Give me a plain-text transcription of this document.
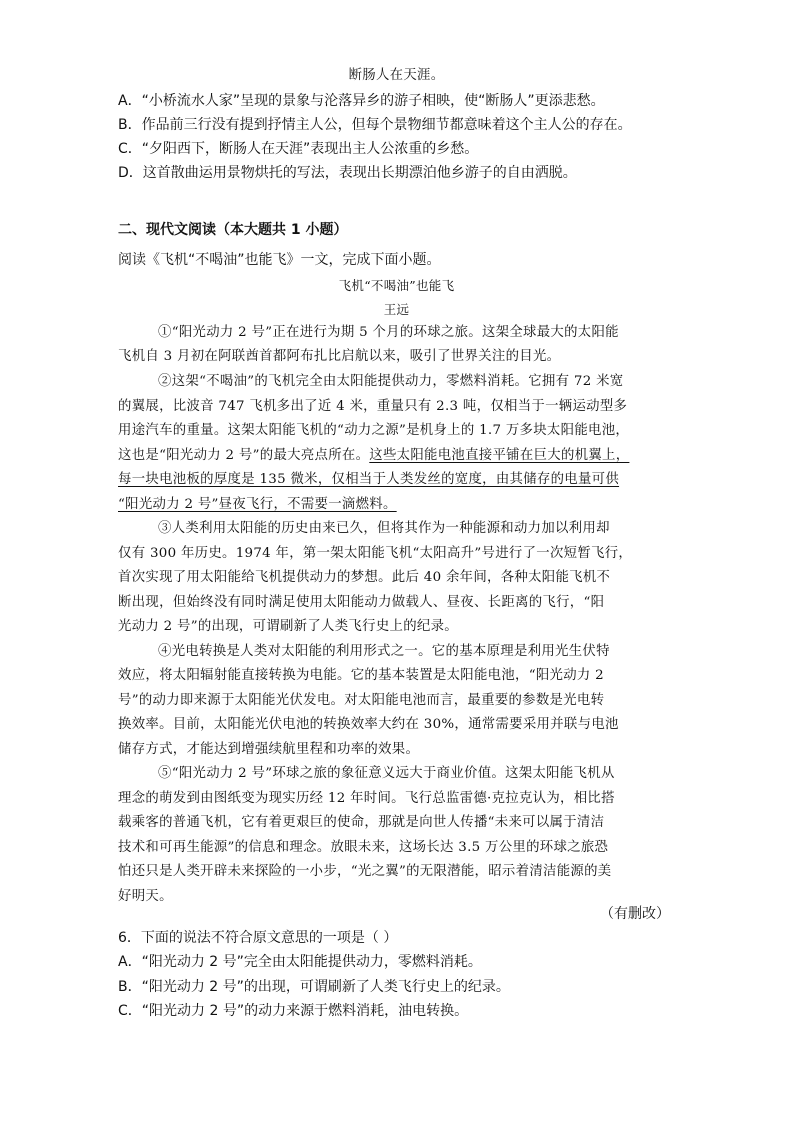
断肠人在天涯。
A．“小桥流水人家”呈现的景象与沦落异乡的游子相映，使“断肠人”更添悲愁。
B．作品前三行没有提到抒情主人公，但每个景物细节都意味着这个主人公的存在。
C．“夕阳西下，断肠人在天涯”表现出主人公浓重的乡愁。
D．这首散曲运用景物烘托的写法，表现出长期漂泊他乡游子的自由洒脱。
二、现代文阅读（本大题共 1 小题）
阅读《飞机“不喝油”也能飞》一文，完成下面小题。
飞机“不喝油”也能飞
王远
①“阳光动力 2 号”正在进行为期 5 个月的环球之旅。这架全球最大的太阳能
飞机自 3 月初在阿联酋首都阿布扎比启航以来，吸引了世界关注的目光。
②这架“不喝油”的飞机完全由太阳能提供动力，零燃料消耗。它拥有 72 米宽
的翼展，比波音 747 飞机多出了近 4 米，重量只有 2.3 吨，仅相当于一辆运动型多
用途汽车的重量。这架太阳能飞机的“动力之源”是机身上的 1.7 万多块太阳能电池，
这也是“阳光动力 2 号”的最大亮点所在。这些太阳能电池直接平铺在巨大的机翼上，
每一块电池板的厚度是 135 微米，仅相当于人类发丝的宽度，由其储存的电量可供
“阳光动力 2 号”昼夜飞行，不需要一滴燃料。
③人类利用太阳能的历史由来已久，但将其作为一种能源和动力加以利用却
仅有 300 年历史。1974 年，第一架太阳能飞机“太阳高升”号进行了一次短暂飞行，
首次实现了用太阳能给飞机提供动力的梦想。此后 40 余年间，各种太阳能飞机不
断出现，但始终没有同时满足使用太阳能动力做载人、昼夜、长距离的飞行，“阳
光动力 2 号”的出现，可谓刷新了人类飞行史上的纪录。
④光电转换是人类对太阳能的利用形式之一。它的基本原理是利用光生伏特
效应，将太阳辐射能直接转换为电能。它的基本装置是太阳能电池，“阳光动力 2
号”的动力即来源于太阳能光伏发电。对太阳能电池而言，最重要的参数是光电转
换效率。目前，太阳能光伏电池的转换效率大约在 30%，通常需要采用并联与电池
储存方式，才能达到增强续航里程和功率的效果。
⑤“阳光动力 2 号”环球之旅的象征意义远大于商业价值。这架太阳能飞机从
理念的萌发到由图纸变为现实历经 12 年时间。飞行总监雷德·克拉克认为，相比搭
载乘客的普通飞机，它有着更艰巨的使命，那就是向世人传播“未来可以属于清洁
技术和可再生能源”的信息和理念。放眼未来，这场长达 3.5 万公里的环球之旅恐
怕还只是人类开辟未来探险的一小步，“光之翼”的无限潜能，昭示着清洁能源的美
好明天。
（有删改）
6．下面的说法不符合原文意思的一项是（ ）
A．“阳光动力 2 号”完全由太阳能提供动力，零燃料消耗。
B．“阳光动力 2 号”的出现，可谓刷新了人类飞行史上的纪录。
C．“阳光动力 2 号”的动力来源于燃料消耗，油电转换。
